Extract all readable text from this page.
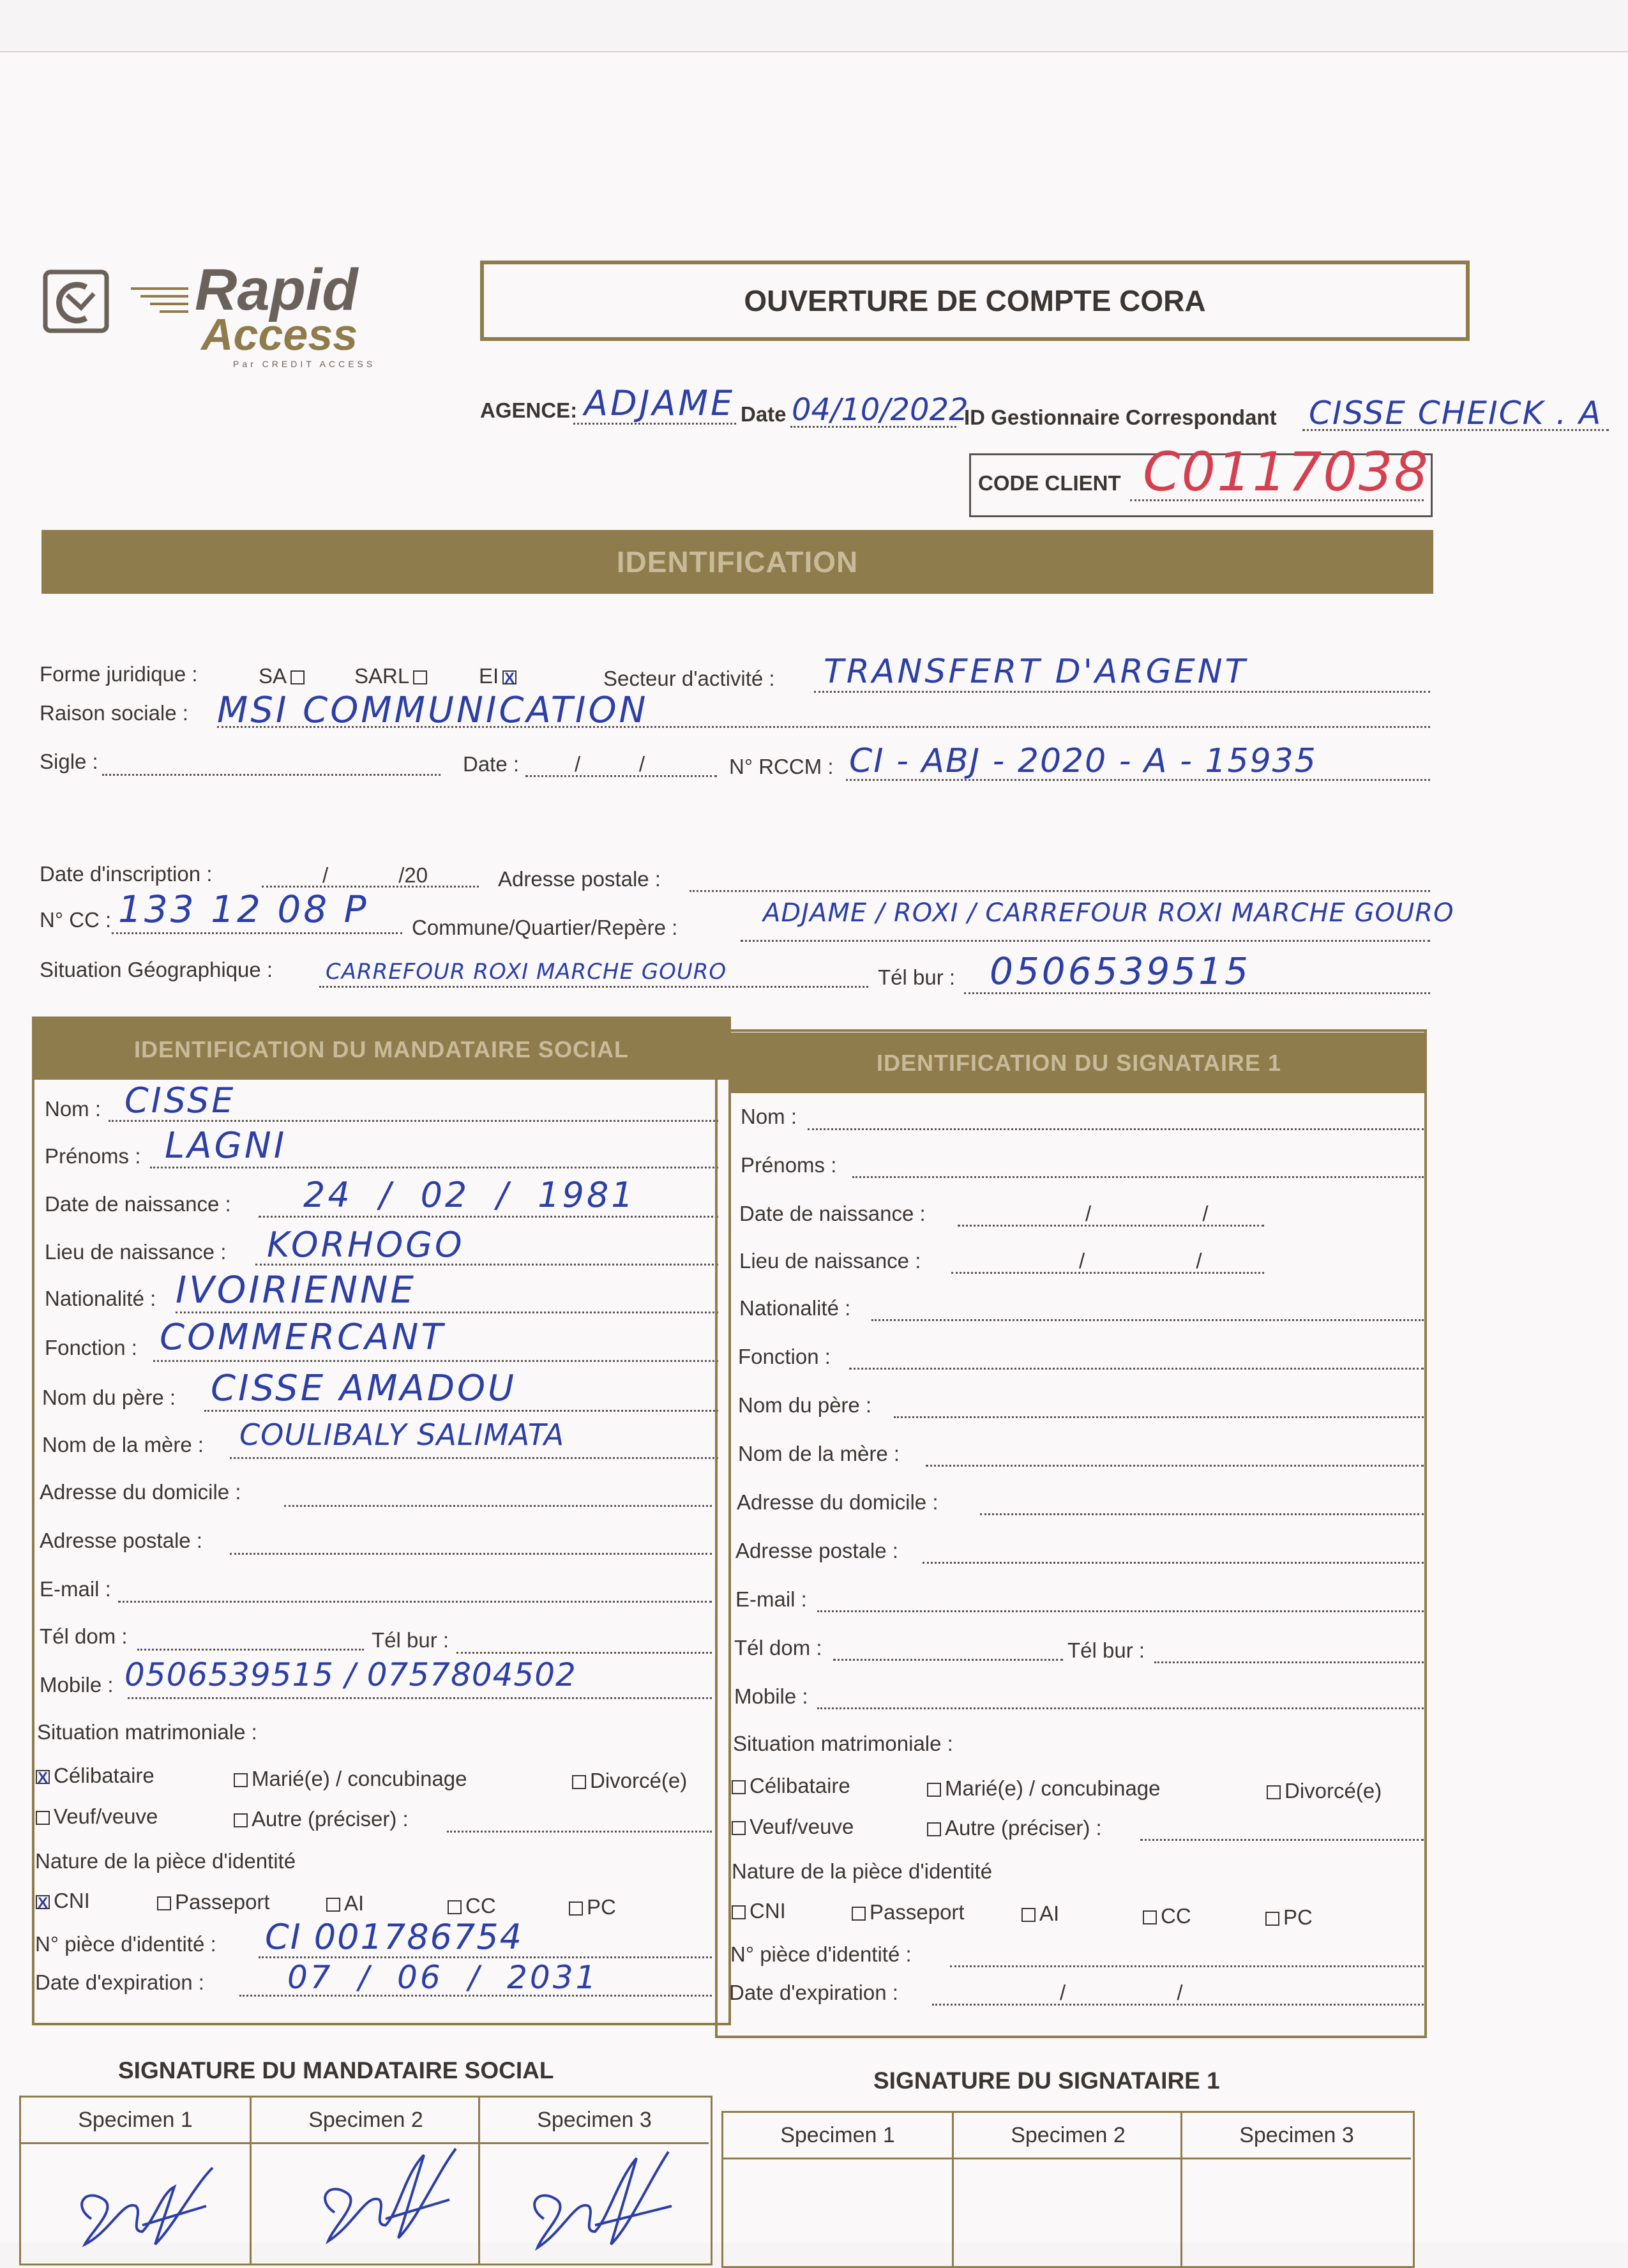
Rapid
Access
Par CREDIT ACCESS
OUVERTURE DE COMPTE CORA
AGENCE: ADJAME Date 04/10/2022
ID Gestionnaire Correspondant CISSE CHEICK . A
CODE CLIENT C0117038
IDENTIFICATION
Forme juridique :	SA	SARL	EI X	Secteur d'activité : TRANSFERT D'ARGENT
Raison sociale : MSI COMMUNICATION
Sigle :	Date :	/          /	N° RCCM : CI - ABJ - 2020 - A - 15935
Date d'inscription :	/            /20	Adresse postale :
N° CC : 133 12 08 P Commune/Quartier/Repère :	ADJAME / ROXI / CARREFOUR ROXI MARCHE GOURO
Situation Géographique : CARREFOUR ROXI MARCHE GOURO	Tél bur : 0506539515
IDENTIFICATION DU MANDATAIRE SOCIAL
Nom : CISSE
Prénoms : LAGNI
Date de naissance : 24  /  02  /  1981
Lieu de naissance : KORHOGO
Nationalité : IVOIRIENNE
Fonction : COMMERCANT
Nom du père : CISSE AMADOU
Nom de la mère : COULIBALY SALIMATA
Adresse du domicile :
Adresse postale :
E-mail :
Tél dom :	Tél bur :
Mobile : 0506539515 / 0757804502
Situation matrimoniale :
X Célibataire	Marié(e) / concubinage	Divorcé(e)
Veuf/veuve	Autre (préciser) :
Nature de la pièce d'identité
X CNI	Passeport	AI	CC	PC
N° pièce d'identité : CI 001786754
Date d'expiration :	07  /  06  /  2031
IDENTIFICATION DU SIGNATAIRE 1
Nom :
Prénoms :
Date de naissance :	/                   /
Lieu de naissance :	/                   /
Nationalité :
Fonction :
Nom du père :
Nom de la mère :
Adresse du domicile :
Adresse postale :
E-mail :
Tél dom :	Tél bur :
Mobile :
Situation matrimoniale :
Célibataire	Marié(e) / concubinage	Divorcé(e)
Veuf/veuve	Autre (préciser) :
Nature de la pièce d'identité
CNI	Passeport	AI	CC	PC
N° pièce d'identité :
Date d'expiration :	/                   /
SIGNATURE DU MANDATAIRE SOCIAL	SIGNATURE DU SIGNATAIRE 1
Specimen 1	Specimen 2	Specimen 3
Specimen 1	Specimen 2	Specimen 3
